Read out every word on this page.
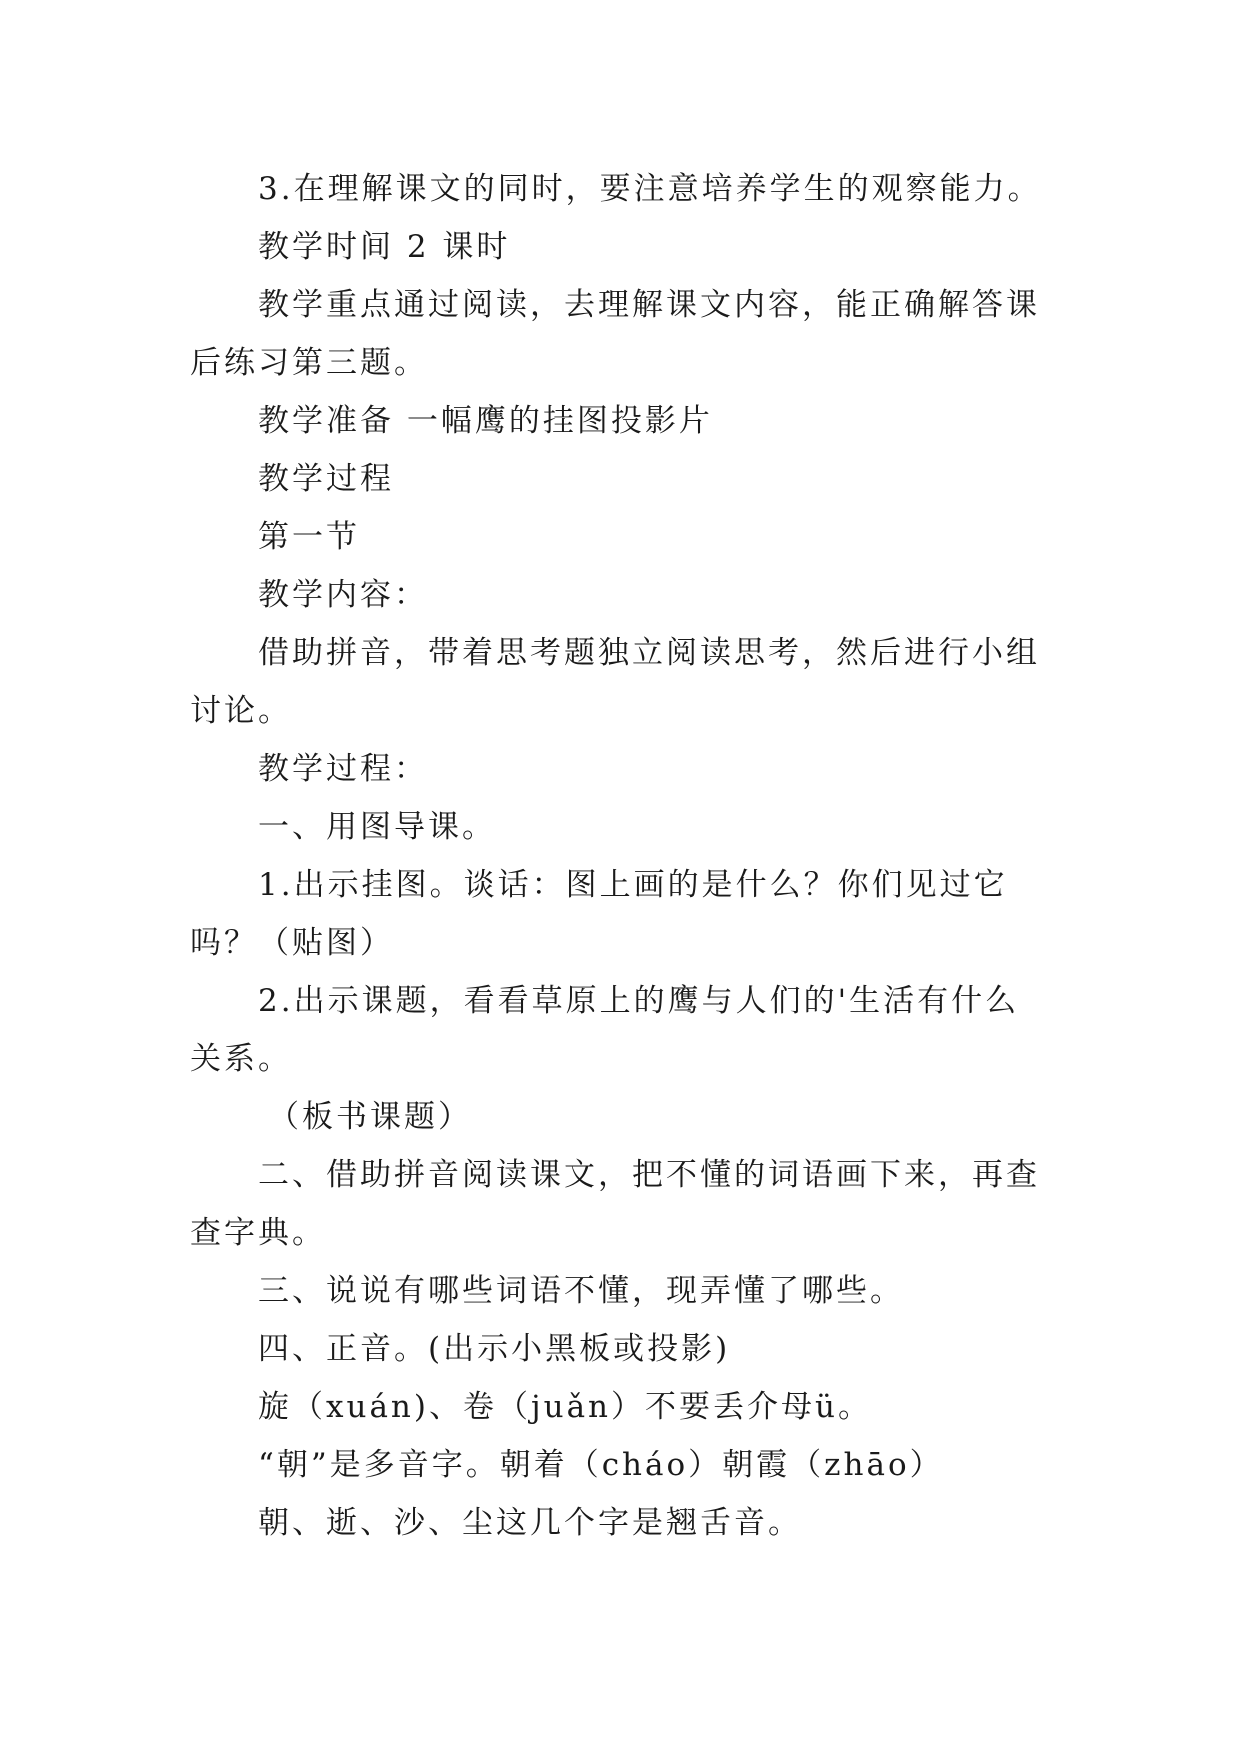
3.在理解课文的同时，要注意培养学生的观察能力。

教学时间 2 课时

教学重点通过阅读，去理解课文内容，能正确解答课后练习第三题。

教学准备 一幅鹰的挂图投影片

教学过程

第一节

教学内容：

借助拼音，带着思考题独立阅读思考，然后进行小组讨论。

教学过程：

一、用图导课。

1.出示挂图。谈话：图上画的是什么？你们见过它吗？（贴图）

2.出示课题，看看草原上的鹰与人们的'生活有什么关系。

（板书课题）

二、借助拼音阅读课文，把不懂的词语画下来，再查查字典。

三、说说有哪些词语不懂，现弄懂了哪些。

四、正音。(出示小黑板或投影)

旋（xuán)、卷（juǎn）不要丢介母ü。

“朝”是多音字。朝着（cháo）朝霞（zhāo）

朝、逝、沙、尘这几个字是翘舌音。
